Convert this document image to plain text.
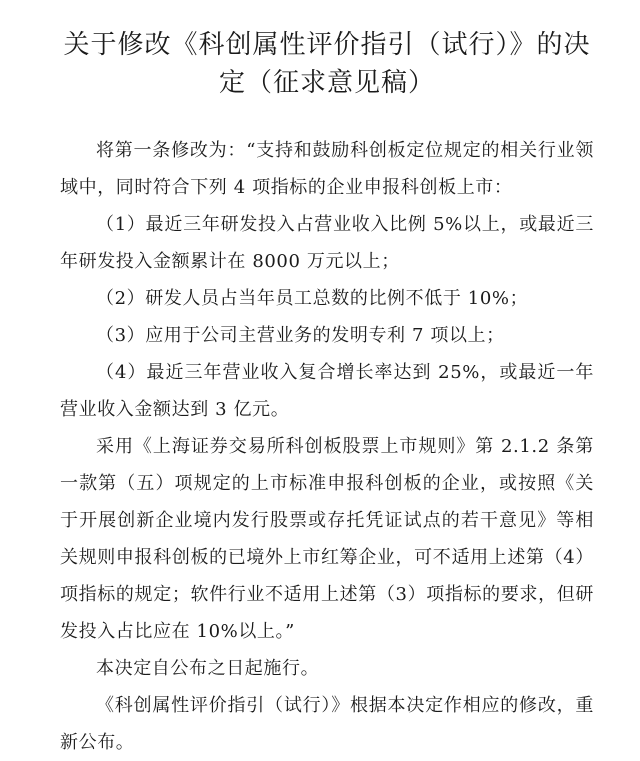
关于修改《科创属性评价指引（试行）》的决
定（征求意见稿）

将第一条修改为：“支持和鼓励科创板定位规定的相关行业领域中，同时符合下列 4 项指标的企业申报科创板上市：

（1）最近三年研发投入占营业收入比例 5%以上，或最近三年研发投入金额累计在 8000 万元以上；

（2）研发人员占当年员工总数的比例不低于 10%；

（3）应用于公司主营业务的发明专利 7 项以上；

（4）最近三年营业收入复合增长率达到 25%，或最近一年营业收入金额达到 3 亿元。

采用《上海证券交易所科创板股票上市规则》第 2.1.2 条第一款第（五）项规定的上市标准申报科创板的企业，或按照《关于开展创新企业境内发行股票或存托凭证试点的若干意见》等相关规则申报科创板的已境外上市红筹企业，可不适用上述第（4）项指标的规定；软件行业不适用上述第（3）项指标的要求，但研发投入占比应在 10%以上。”

本决定自公布之日起施行。

《科创属性评价指引（试行）》根据本决定作相应的修改，重新公布。
